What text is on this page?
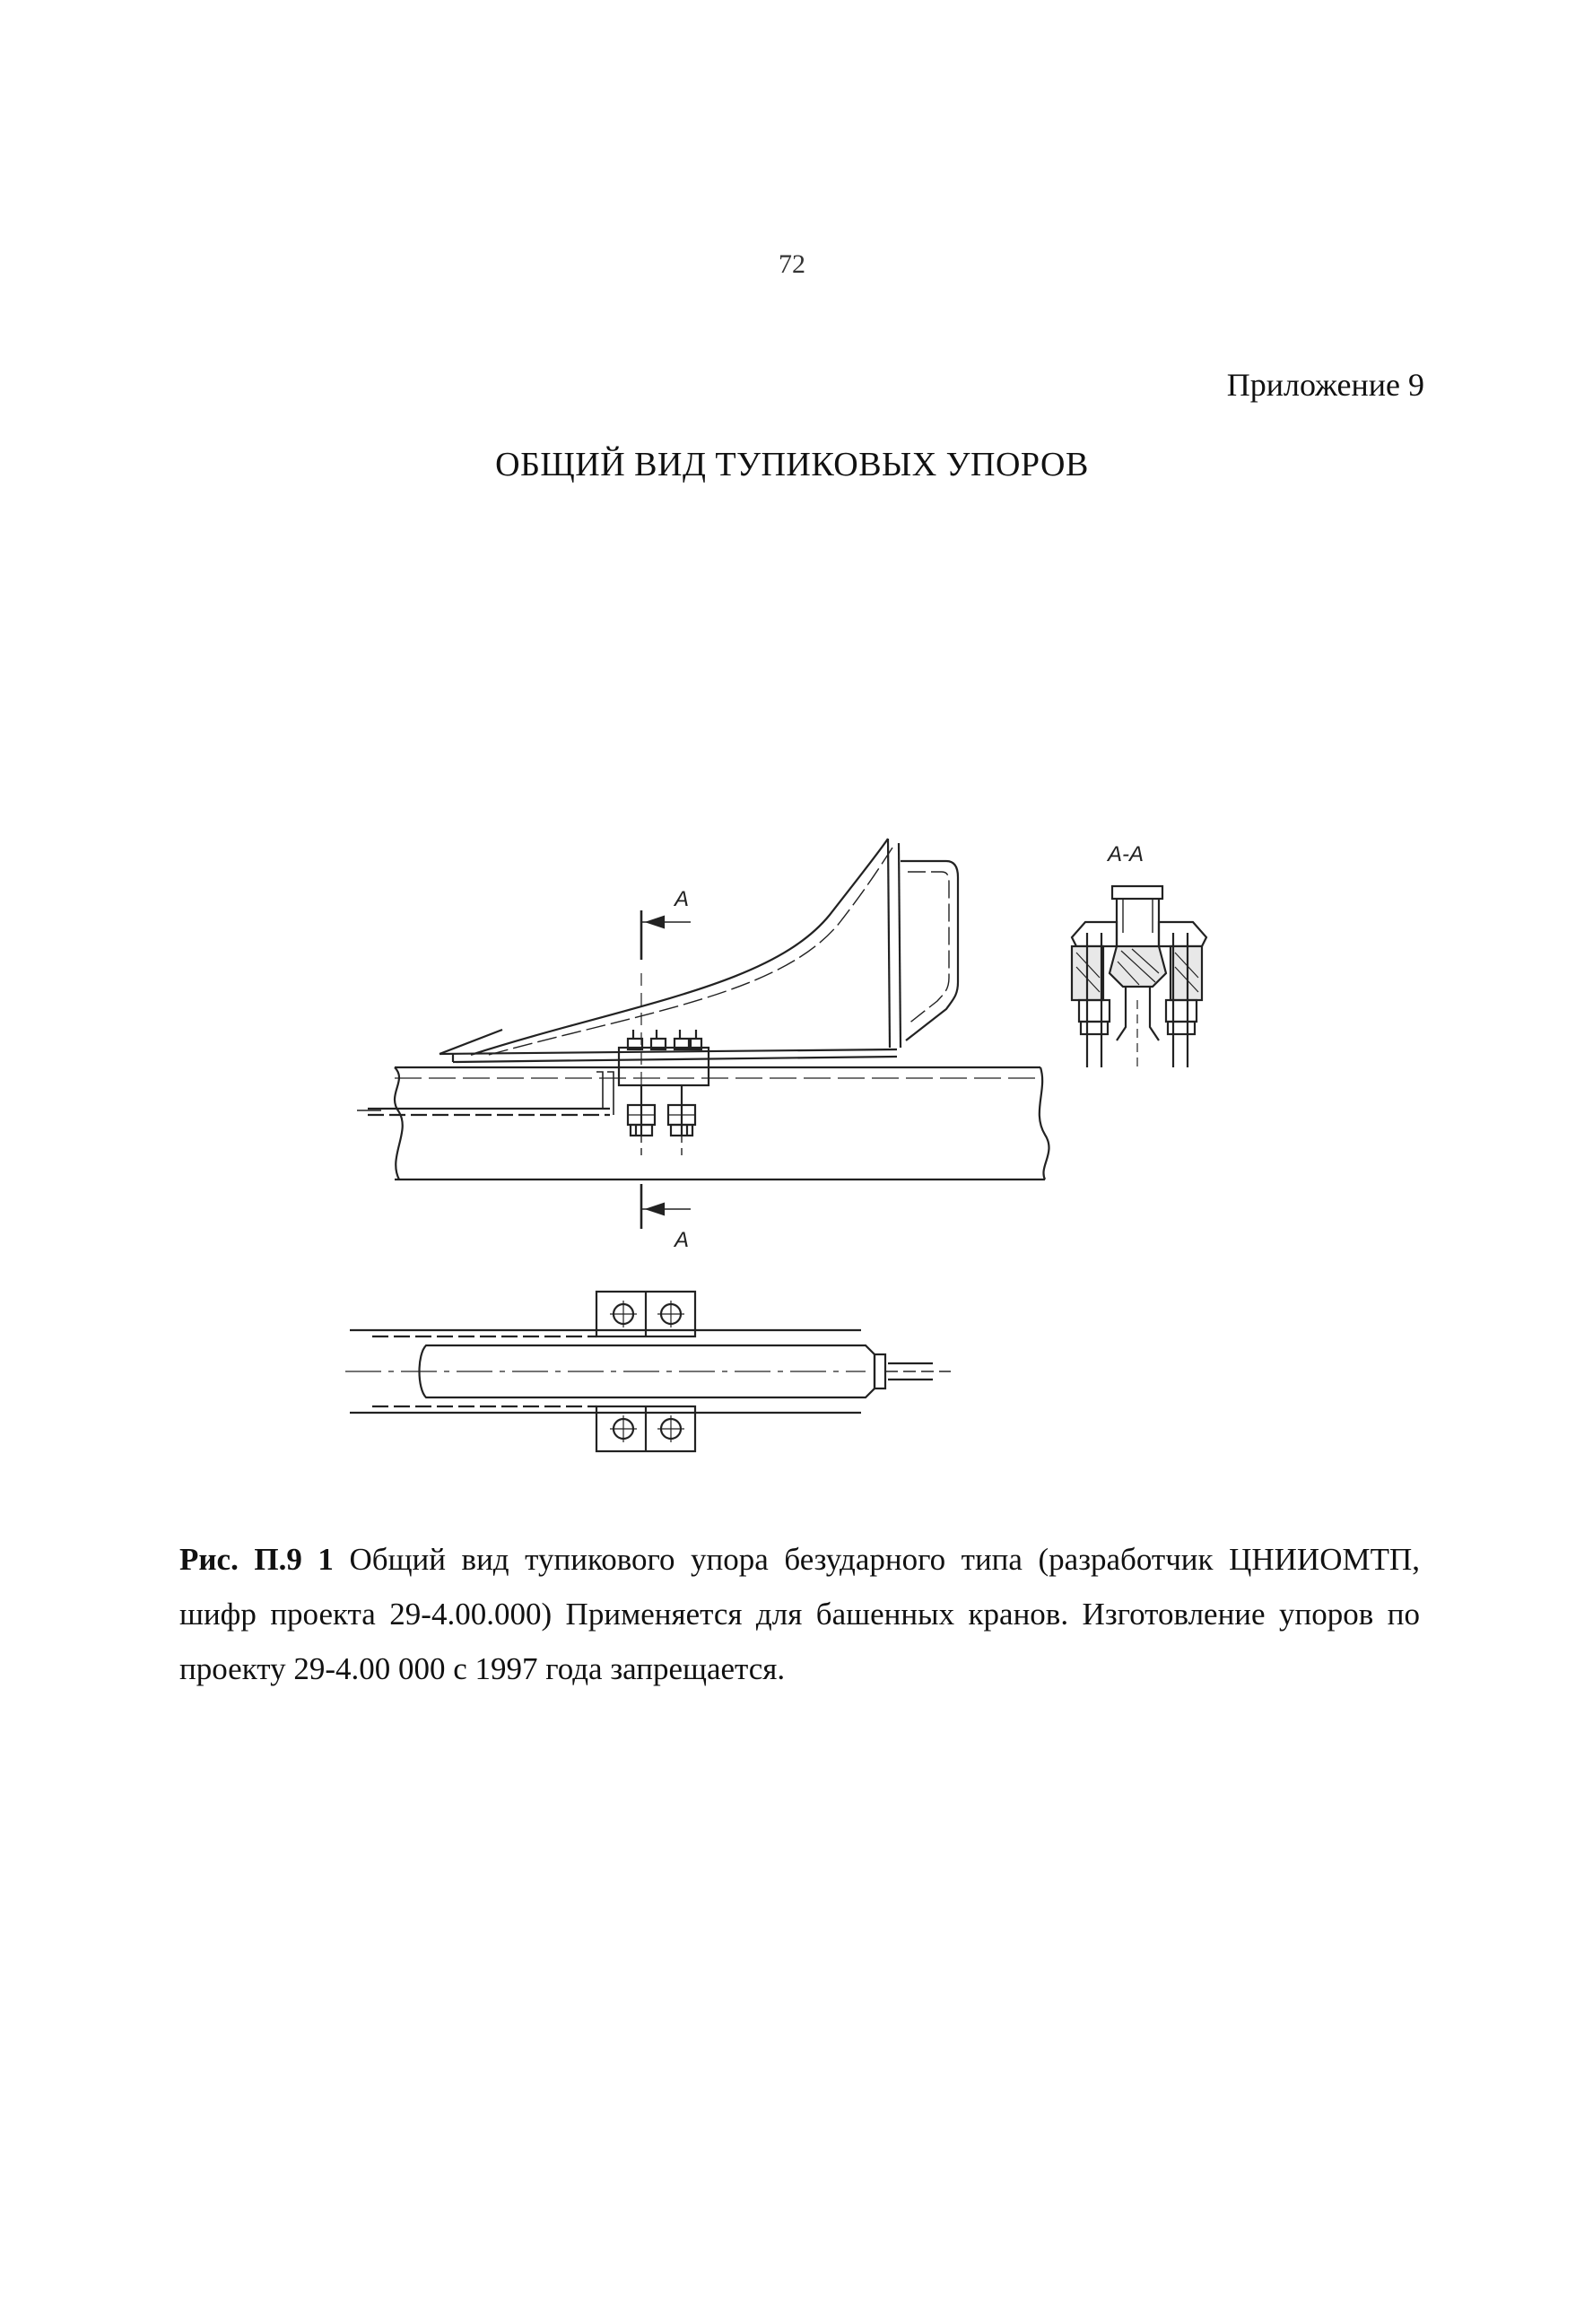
72
Приложение 9
ОБЩИЙ ВИД ТУПИКОВЫХ УПОРОВ
А-А
А
А
Рис. П.9 1 Общий вид тупикового упора безударного типа (разработчик ЦНИИОМТП, шифр проекта 29-4.00.000) Применяется для башенных кранов. Изготовление упоров по проекту 29-4.00 000 с 1997 года запрещается.
